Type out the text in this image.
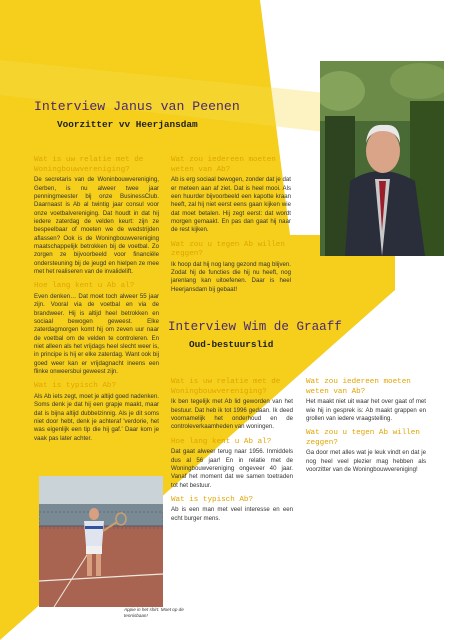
Interview Janus van Peenen
Voorzitter vv Heerjansdam
Wat is uw relatie met de Woningbouwvereniging?
De secretaris van de Woninbouwvereniging, Gerben, is nu alweer twee jaar penningmeester bij onze BusinessClub. Daarnaast is Ab al twintig jaar consul voor onze voetbalvereniging. Dat houdt in dat hij iedere zaterdag de velden keurt: zijn ze bespeelbaar of moeten we de wedstrijden aflassen? Ook is de Woningbouwvereniging maatschappelijk betrokken bij de voetbal. Zo zorgen ze bijvoorbeeld voor financiële ondersteuning bij de jeugd en hielpen ze mee met het realiseren van de invalidelift.
Hoe lang kent u Ab al?
Even denken… Dat moet toch alweer 55 jaar zijn. Vooral via de voetbal en via de brandweer. Hij is altijd heel betrokken en sociaal bewogen geweest. Elke zaterdagmorgen komt hij om zeven uur naar de voetbal om de velden te controleren. En niet alleen als het vrijdags heel slecht weer is, in principe is hij er elke zaterdag. Want ook bij goed weer kan er vrijdagnacht ineens een flinke onweersbui geweest zijn.
Wat is typisch Ab?
Als Ab iets zegt, moet je altijd goed nadenken. Soms denk je dat hij een grapje maakt, maar dat is bijna altijd dubbelzinnig. Als je dit soms niet door hebt, denk je achteraf 'verdorie, het was eigenlijk een tip die hij gaf.' Daar kom je vaak pas later achter.
Wat zou iedereen moeten weten van Ab?
Ab is erg sociaal bewogen, zonder dat je dat er meteen aan af ziet. Dat is heel mooi. Als een huurder bijvoorbeeld een kapotte kraan heeft, zal hij niet eerst eens gaan kijken wie dat moet betalen. Hij zegt eerst: dat wordt morgen gemaakt. En pas dan gaat hij naar de rest kijken.
Wat zou u tegen Ab willen zeggen?
Ik hoop dat hij nog lang gezond mag blijven. Zodat hij de functies die hij nu heeft, nog jarenlang kan uitoefenen. Daar is heel Heerjansdam bij gebaat!
Interview Wim de Graaff
Oud-bestuurslid
Wat is uw relatie met de Woningbouwvereniging?
Ik ben tegelijk met Ab lid geworden van het bestuur. Dat heb ik tot 1996 gedaan. Ik deed voornamelijk het onderhoud en de controleverkaamheden van woningen.
Hoe lang kent u Ab al?
Dat gaat alweer terug naar 1956. Inmiddels dus al 56 jaar! En in relatie met de Woningbouwvereniging ongeveer 40 jaar. Vanaf het moment dat we samen toetraden tot het bestuur.
Wat is typisch Ab?
Ab is een man met veel interesse en een echt burger mens.
Wat zou iedereen moeten weten van Ab?
Het maakt niet uit waar het over gaat of met wie hij in gesprek is: Ab maakt grappen en grollen van iedere vraagstelling.
Wat zou u tegen Ab willen zeggen?
Ga door met alles wat je leuk vindt en dat je nog heel veel plezier mag hebben als voorzitter van de Woningbouwvereniging!
Appie in het shirt. Moet op de tennisbaan!
